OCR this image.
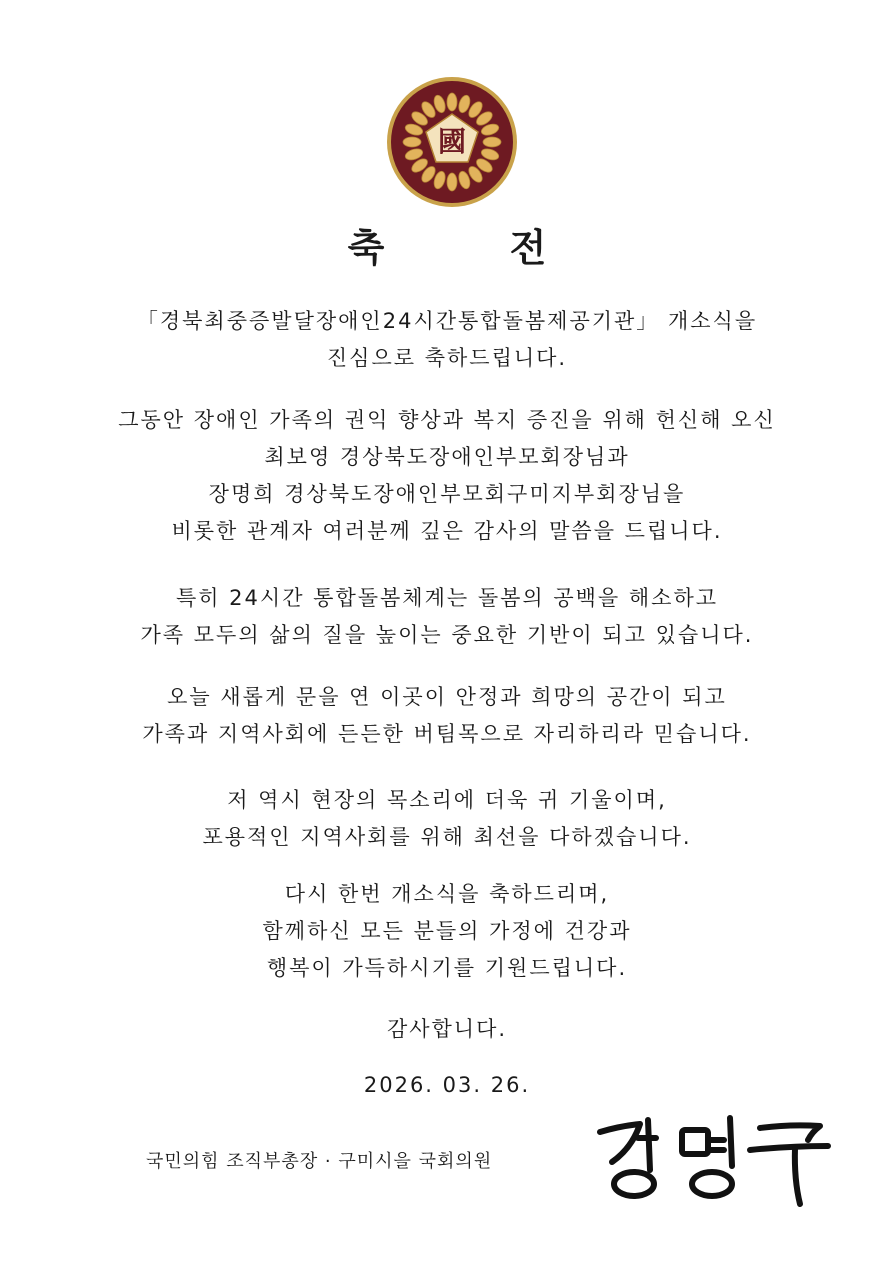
國
축 전
「경북최중증발달장애인24시간통합돌봄제공기관」 개소식을
진심으로 축하드립니다.
그동안 장애인 가족의 권익 향상과 복지 증진을 위해 헌신해 오신
최보영 경상북도장애인부모회장님과
장명희 경상북도장애인부모회구미지부회장님을
비롯한 관계자 여러분께 깊은 감사의 말씀을 드립니다.
특히 24시간 통합돌봄체계는 돌봄의 공백을 해소하고
가족 모두의 삶의 질을 높이는 중요한 기반이 되고 있습니다.
오늘 새롭게 문을 연 이곳이 안정과 희망의 공간이 되고
가족과 지역사회에 든든한 버팀목으로 자리하리라 믿습니다.
저 역시 현장의 목소리에 더욱 귀 기울이며,
포용적인 지역사회를 위해 최선을 다하겠습니다.
다시 한번 개소식을 축하드리며,
함께하신 모든 분들의 가정에 건강과
행복이 가득하시기를 기원드립니다.
감사합니다.
2026. 03. 26.
국민의힘 조직부총장 · 구미시을 국회의원
